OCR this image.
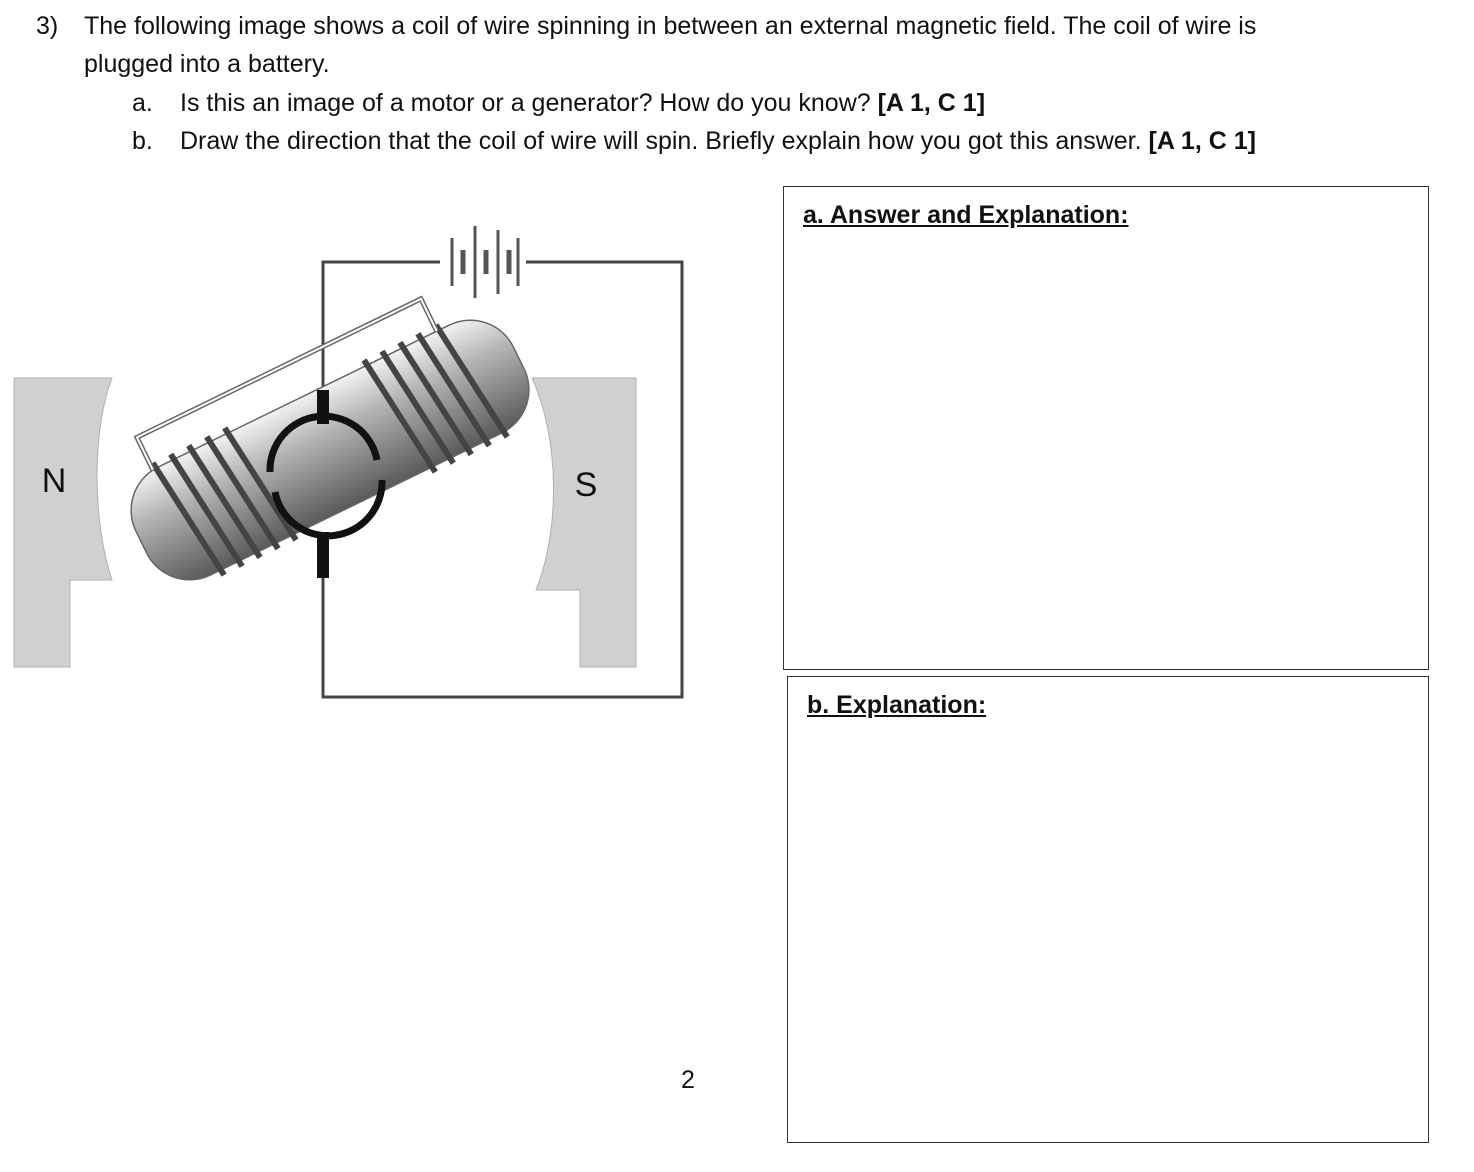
3) The following image shows a coil of wire spinning in between an external magnetic field. The coil of wire is
plugged into a battery.
a. Is this an image of a motor or a generator? How do you know? [A 1, C 1]
b. Draw the direction that the coil of wire will spin. Briefly explain how you got this answer. [A 1, C 1]
N	S
a. Answer and Explanation:
b. Explanation:
2
